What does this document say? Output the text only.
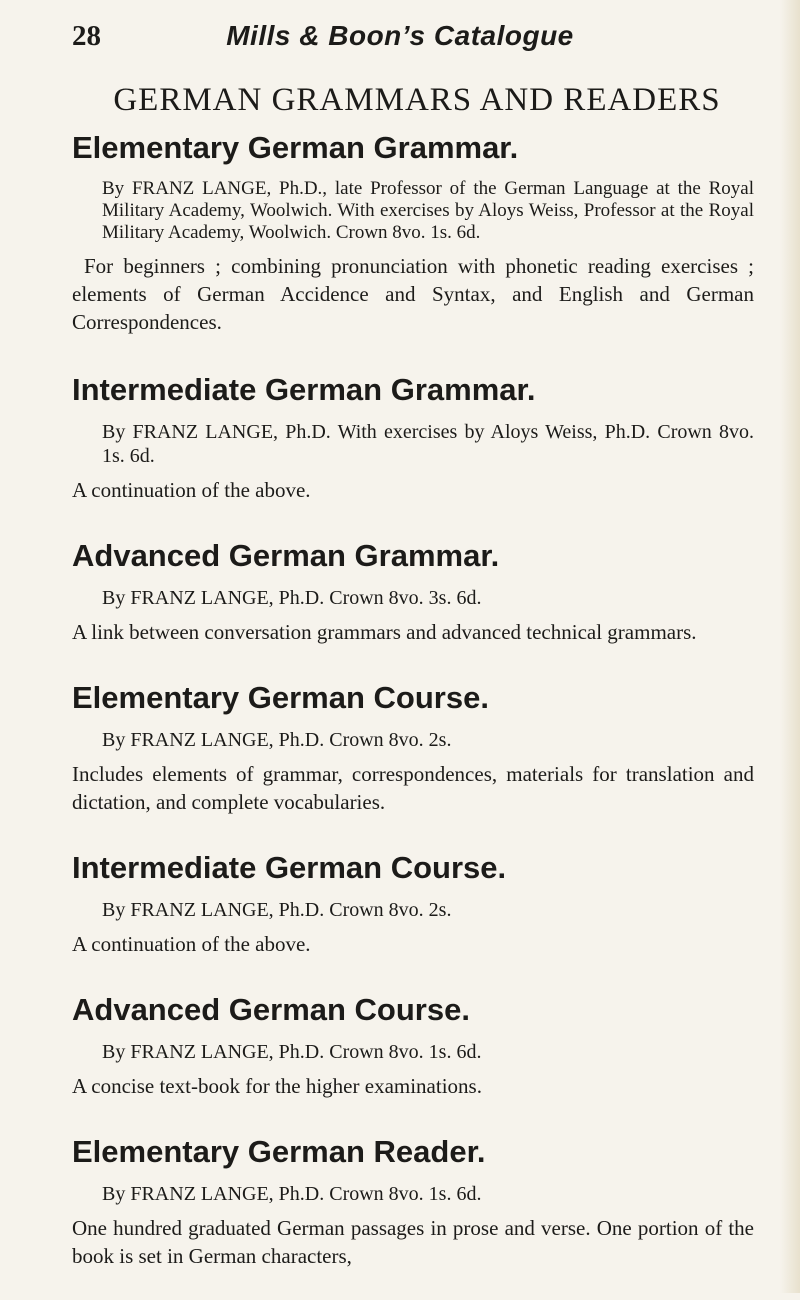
28	Mills & Boon’s Catalogue
GERMAN GRAMMARS AND READERS
Elementary German Grammar.

By FRANZ LANGE, Ph.D., late Professor of the German Language at the Royal Military Academy, Woolwich. With exercises by Aloys Weiss, Professor at the Royal Military Academy, Woolwich. Crown 8vo. 1s. 6d.

For beginners ; combining pronunciation with phonetic reading exercises ; elements of German Accidence and Syntax, and English and German Correspondences.

Intermediate German Grammar.

By FRANZ LANGE, Ph.D. With exercises by Aloys Weiss, Ph.D. Crown 8vo. 1s. 6d.

A continuation of the above.

Advanced German Grammar.

By FRANZ LANGE, Ph.D. Crown 8vo. 3s. 6d.

A link between conversation grammars and advanced technical grammars.

Elementary German Course.

By FRANZ LANGE, Ph.D. Crown 8vo. 2s.

Includes elements of grammar, correspondences, materials for translation and dictation, and complete vocabularies.

Intermediate German Course.

By FRANZ LANGE, Ph.D. Crown 8vo. 2s.

A continuation of the above.

Advanced German Course.

By FRANZ LANGE, Ph.D. Crown 8vo. 1s. 6d.

A concise text-book for the higher examinations.

Elementary German Reader.

By FRANZ LANGE, Ph.D. Crown 8vo. 1s. 6d.

One hundred graduated German passages in prose and verse. One portion of the book is set in German characters,
